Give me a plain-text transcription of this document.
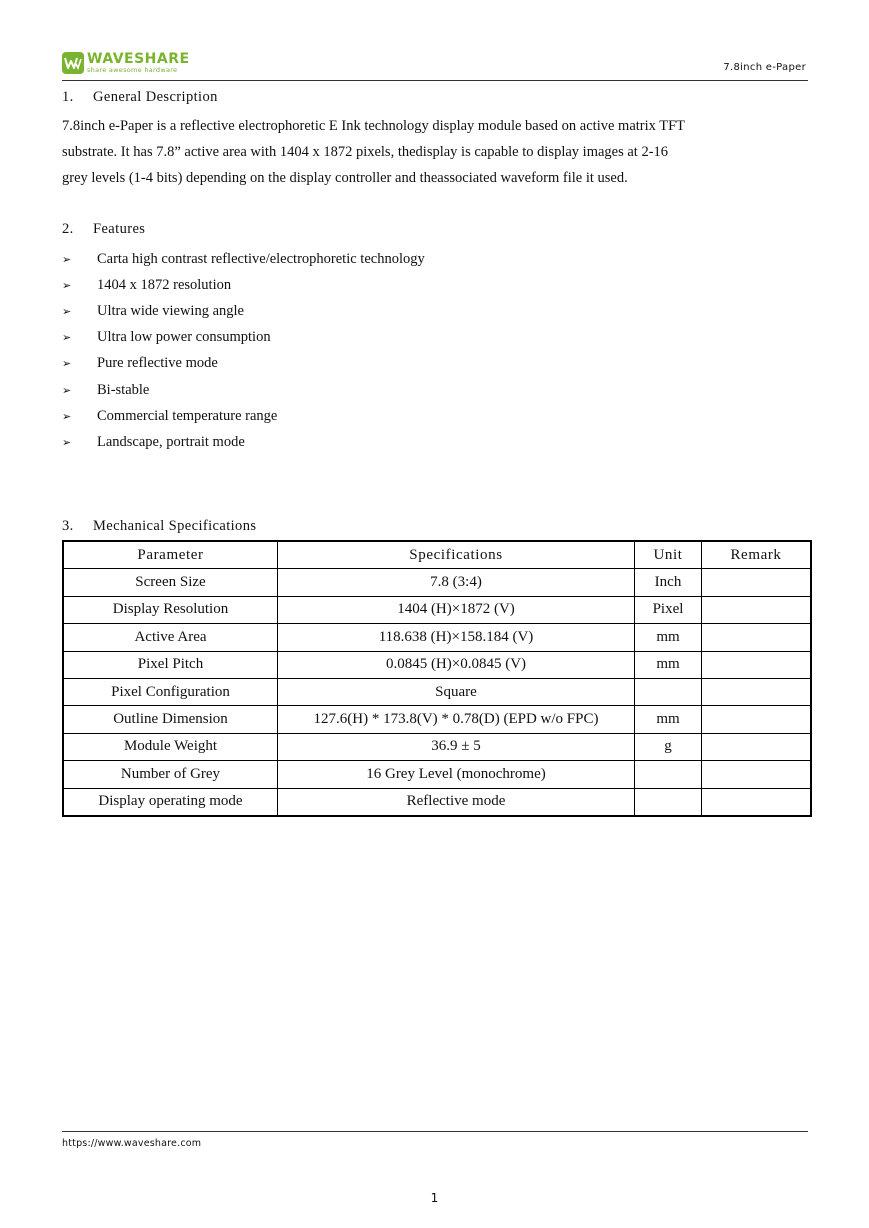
WAVESHARE
share awesome hardware	7.8inch e-Paper
1. General Description
7.8inch e-Paper is a reflective electrophoretic E Ink technology display module based on active matrix TFT
substrate. It has 7.8” active area with 1404 x 1872 pixels, thedisplay is capable to display images at 2-16
grey levels (1-4 bits) depending on the display controller and theassociated waveform file it used.
2. Features
➢	Carta high contrast reflective/electrophoretic technology
➢	1404 x 1872 resolution
➢	Ultra wide viewing angle
➢	Ultra low power consumption
➢	Pure reflective mode
➢	Bi-stable
➢	Commercial temperature range
➢	Landscape, portrait mode
3. Mechanical Specifications
Parameter	Specifications	Unit	Remark
Screen Size	7.8 (3:4)	Inch	
Display Resolution	1404 (H)×1872 (V)	Pixel	
Active Area	118.638 (H)×158.184 (V)	mm	
Pixel Pitch	0.0845 (H)×0.0845 (V)	mm	
Pixel Configuration	Square		
Outline Dimension	127.6(H) * 173.8(V) * 0.78(D) (EPD w/o FPC)	mm	
Module Weight	36.9 ± 5	g	
Number of Grey	16 Grey Level (monochrome)		
Display operating mode	Reflective mode		
https://www.waveshare.com
1
